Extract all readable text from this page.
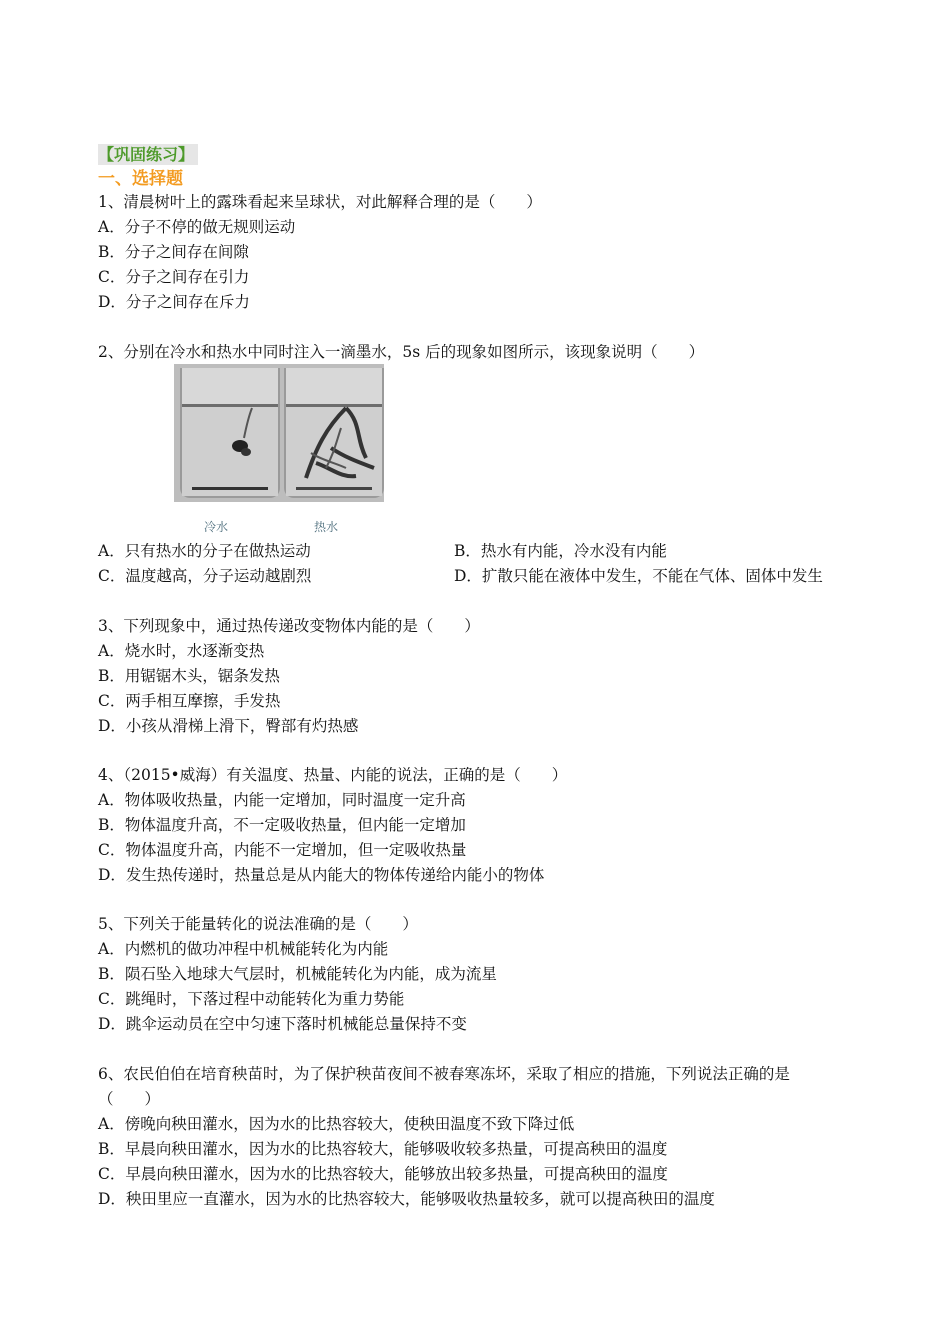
【巩固练习】
一、选择题
1、清晨树叶上的露珠看起来呈球状，对此解释合理的是（　　）
A．分子不停的做无规则运动
B．分子之间存在间隙
C．分子之间存在引力
D．分子之间存在斥力
2、分别在冷水和热水中同时注入一滴墨水，5s 后的现象如图所示，该现象说明（　　）
冷水	热水
A．只有热水的分子在做热运动	B．热水有内能，冷水没有内能
C．温度越高，分子运动越剧烈	D．扩散只能在液体中发生，不能在气体、固体中发生
3、下列现象中，通过热传递改变物体内能的是（　　）
A．烧水时，水逐渐变热
B．用锯锯木头，锯条发热
C．两手相互摩擦，手发热
D．小孩从滑梯上滑下，臀部有灼热感
4、（2015•威海）有关温度、热量、内能的说法，正确的是（　　）
A．物体吸收热量，内能一定增加，同时温度一定升高
B．物体温度升高，不一定吸收热量，但内能一定增加
C．物体温度升高，内能不一定增加，但一定吸收热量
D．发生热传递时，热量总是从内能大的物体传递给内能小的物体
5、下列关于能量转化的说法准确的是（　　）
A．内燃机的做功冲程中机械能转化为内能
B．陨石坠入地球大气层时，机械能转化为内能，成为流星
C．跳绳时，下落过程中动能转化为重力势能
D．跳伞运动员在空中匀速下落时机械能总量保持不变
6、农民伯伯在培育秧苗时，为了保护秧苗夜间不被春寒冻坏，采取了相应的措施，下列说法正确的是
（　　）
A．傍晚向秧田灌水，因为水的比热容较大，使秧田温度不致下降过低
B．早晨向秧田灌水，因为水的比热容较大，能够吸收较多热量，可提高秧田的温度
C．早晨向秧田灌水，因为水的比热容较大，能够放出较多热量，可提高秧田的温度
D．秧田里应一直灌水，因为水的比热容较大，能够吸收热量较多，就可以提高秧田的温度
